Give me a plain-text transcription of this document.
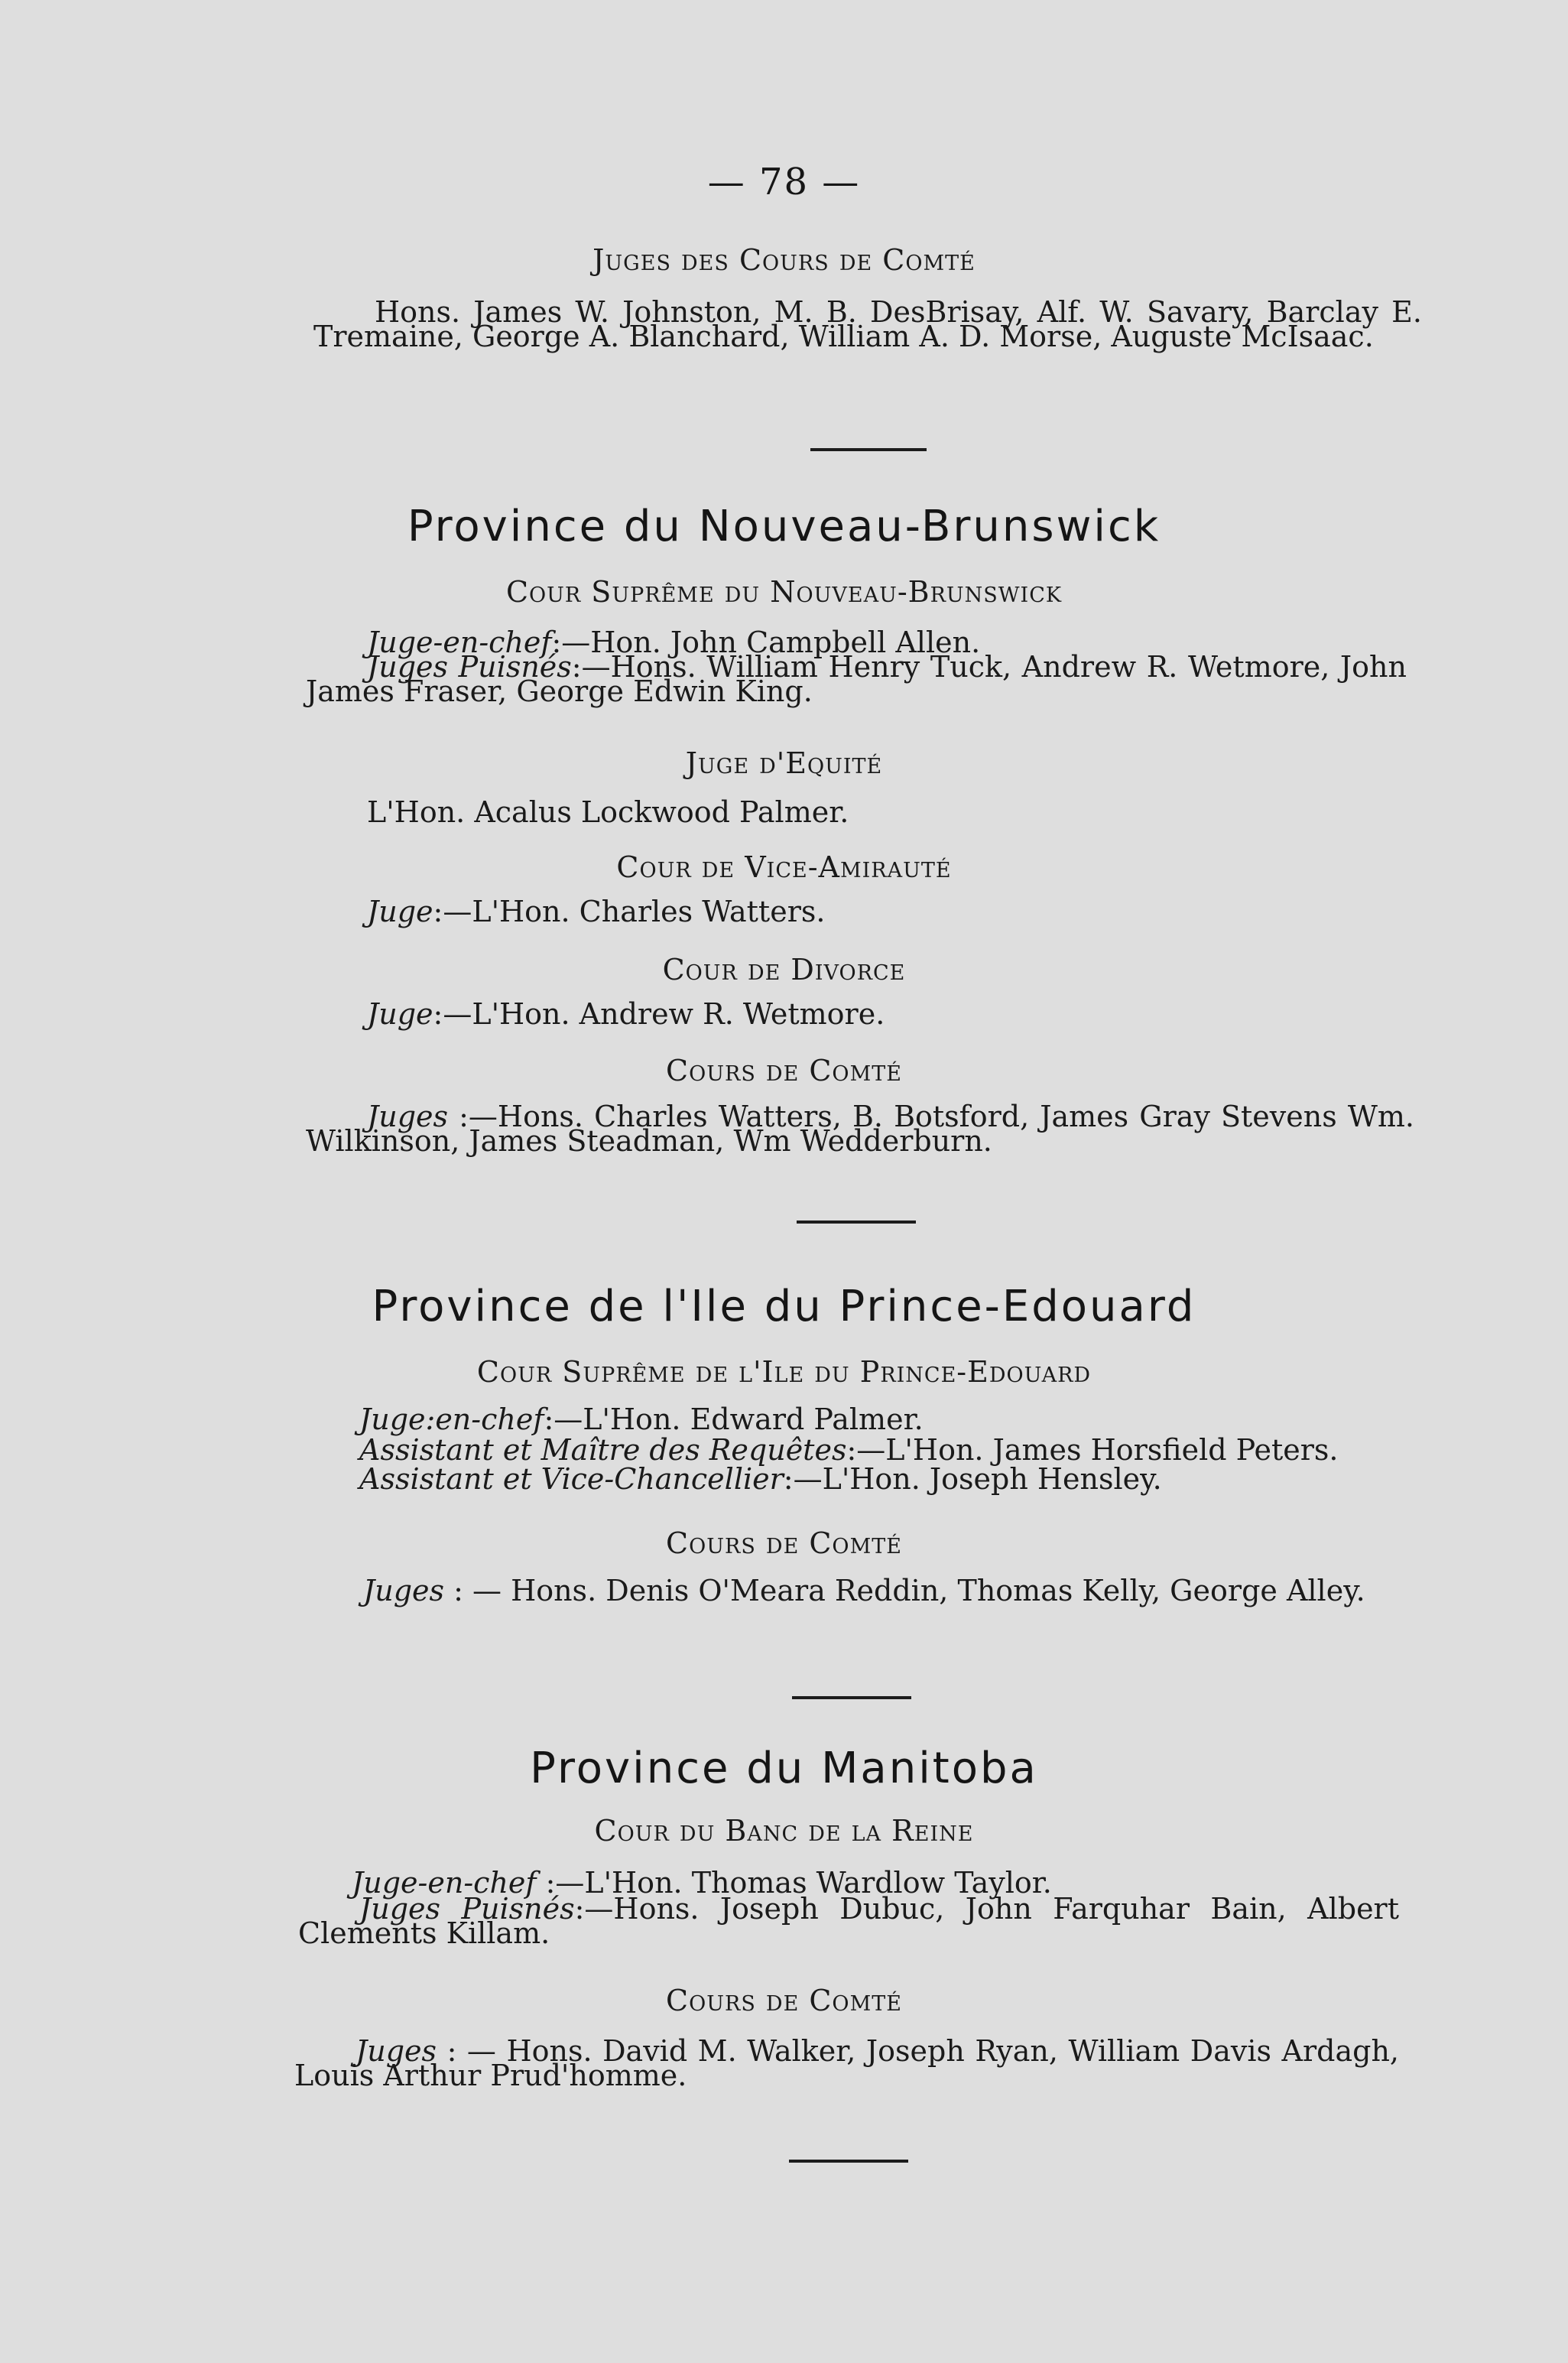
— 78 —
Juges des Cours de Comté
Hons. James W. Johnston, M. B. DesBrisay, Alf. W. Savary, Barclay E. Tremaine, George A. Blanchard, William A. D. Morse, Auguste McIsaac.
Province du Nouveau-Brunswick
Cour Suprême du Nouveau-Brunswick
Juge-en-chef:—Hon. John Campbell Allen.
Juges Puisnés:—Hons. William Henry Tuck, Andrew R. Wetmore, John James Fraser, George Edwin King.
Juge d'Equité
L'Hon. Acalus Lockwood Palmer.
Cour de Vice-Amirauté
Juge:—L'Hon. Charles Watters.
Cour de Divorce
Juge:—L'Hon. Andrew R. Wetmore.
Cours de Comté
Juges :—Hons. Charles Watters, B. Botsford, James Gray Stevens Wm. Wilkinson, James Steadman, Wm Wedderburn.
Province de l'Ile du Prince-Edouard
Cour Suprême de l'Ile du Prince-Edouard
Juge:en-chef:—L'Hon. Edward Palmer.
Assistant et Maître des Requêtes:—L'Hon. James Horsfield Peters.
Assistant et Vice-Chancellier:—L'Hon. Joseph Hensley.
Cours de Comté
Juges : — Hons. Denis O'Meara Reddin, Thomas Kelly, George Alley.
Province du Manitoba
Cour du Banc de la Reine
Juge-en-chef :—L'Hon. Thomas Wardlow Taylor.
Juges Puisnés:—Hons. Joseph Dubuc, John Farquhar Bain, Albert Clements Killam.
Cours de Comté
Juges : — Hons. David M. Walker, Joseph Ryan, William Davis Ardagh, Louis Arthur Prud'homme.
